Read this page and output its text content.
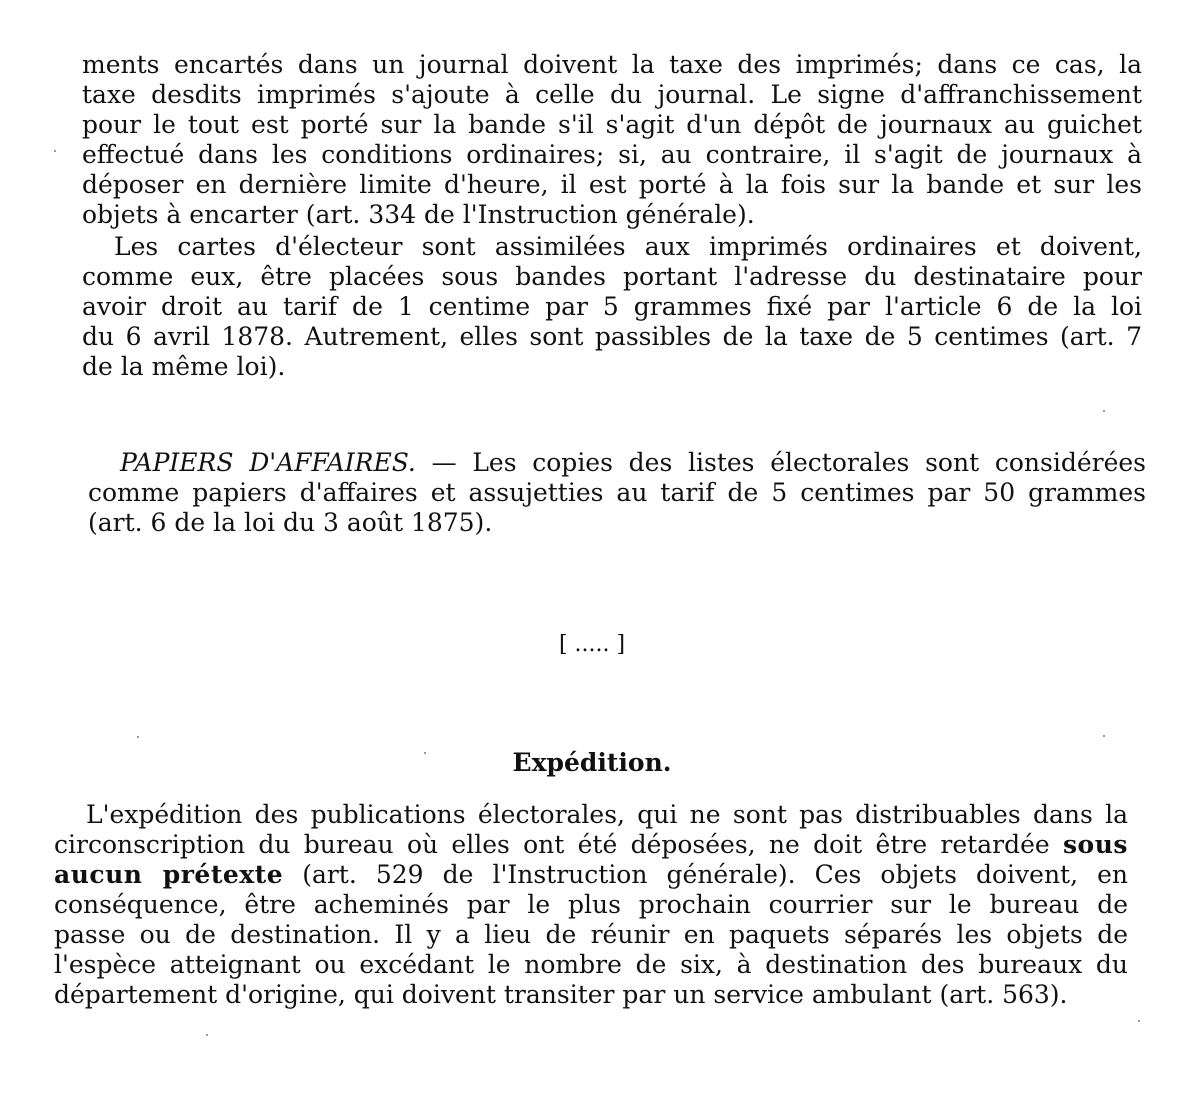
ments encartés dans un journal doivent la taxe des imprimés; dans ce cas, la
taxe desdits imprimés s'ajoute à celle du journal. Le signe d'affranchissement
pour le tout est porté sur la bande s'il s'agit d'un dépôt de journaux au guichet
effectué dans les conditions ordinaires; si, au contraire, il s'agit de journaux à
déposer en dernière limite d'heure, il est porté à la fois sur la bande et sur les
objets à encarter (art. 334 de l'Instruction générale).
Les cartes d'électeur sont assimilées aux imprimés ordinaires et doivent,
comme eux, être placées sous bandes portant l'adresse du destinataire pour
avoir droit au tarif de 1 centime par 5 grammes fixé par l'article 6 de la loi
du 6 avril 1878. Autrement, elles sont passibles de la taxe de 5 centimes (art. 7
de la même loi).
PAPIERS D'AFFAIRES. — Les copies des listes électorales sont considérées
comme papiers d'affaires et assujetties au tarif de 5 centimes par 50 grammes
(art. 6 de la loi du 3 août 1875).
[ ..... ]
Expédition.
L'expédition des publications électorales, qui ne sont pas distribuables dans la
circonscription du bureau où elles ont été déposées, ne doit être retardée sous
aucun prétexte (art. 529 de l'Instruction générale). Ces objets doivent, en
conséquence, être acheminés par le plus prochain courrier sur le bureau de
passe ou de destination. Il y a lieu de réunir en paquets séparés les objets de
l'espèce atteignant ou excédant le nombre de six, à destination des bureaux du
département d'origine, qui doivent transiter par un service ambulant (art. 563).
